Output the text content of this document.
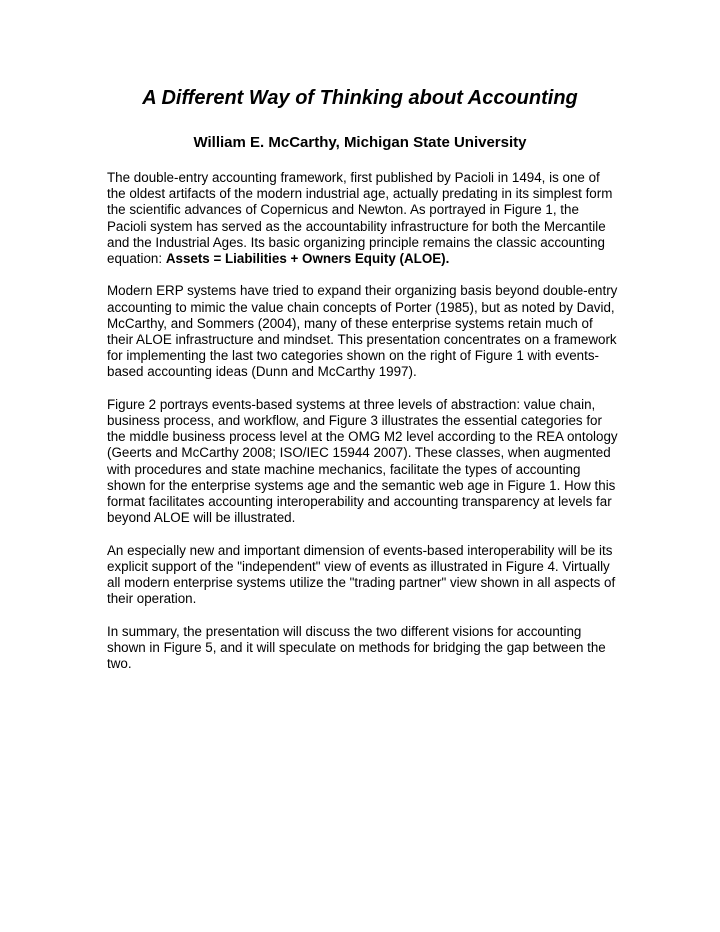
A Different Way of Thinking about Accounting
William E. McCarthy, Michigan State University

The double-entry accounting framework, first published by Pacioli in 1494, is one of the oldest artifacts of the modern industrial age, actually predating in its simplest form the scientific advances of Copernicus and Newton. As portrayed in Figure 1, the Pacioli system has served as the accountability infrastructure for both the Mercantile and the Industrial Ages. Its basic organizing principle remains the classic accounting equation: Assets = Liabilities + Owners Equity (ALOE).

Modern ERP systems have tried to expand their organizing basis beyond double-entry accounting to mimic the value chain concepts of Porter (1985), but as noted by David, McCarthy, and Sommers (2004), many of these enterprise systems retain much of their ALOE infrastructure and mindset. This presentation concentrates on a framework for implementing the last two categories shown on the right of Figure 1 with events-based accounting ideas (Dunn and McCarthy 1997).

Figure 2 portrays events-based systems at three levels of abstraction: value chain, business process, and workflow, and Figure 3 illustrates the essential categories for the middle business process level at the OMG M2 level according to the REA ontology (Geerts and McCarthy 2008; ISO/IEC 15944 2007). These classes, when augmented with procedures and state machine mechanics, facilitate the types of accounting shown for the enterprise systems age and the semantic web age in Figure 1. How this format facilitates accounting interoperability and accounting transparency at levels far beyond ALOE will be illustrated.

An especially new and important dimension of events-based interoperability will be its explicit support of the "independent" view of events as illustrated in Figure 4. Virtually all modern enterprise systems utilize the "trading partner" view shown in all aspects of their operation.

In summary, the presentation will discuss the two different visions for accounting shown in Figure 5, and it will speculate on methods for bridging the gap between the two.
